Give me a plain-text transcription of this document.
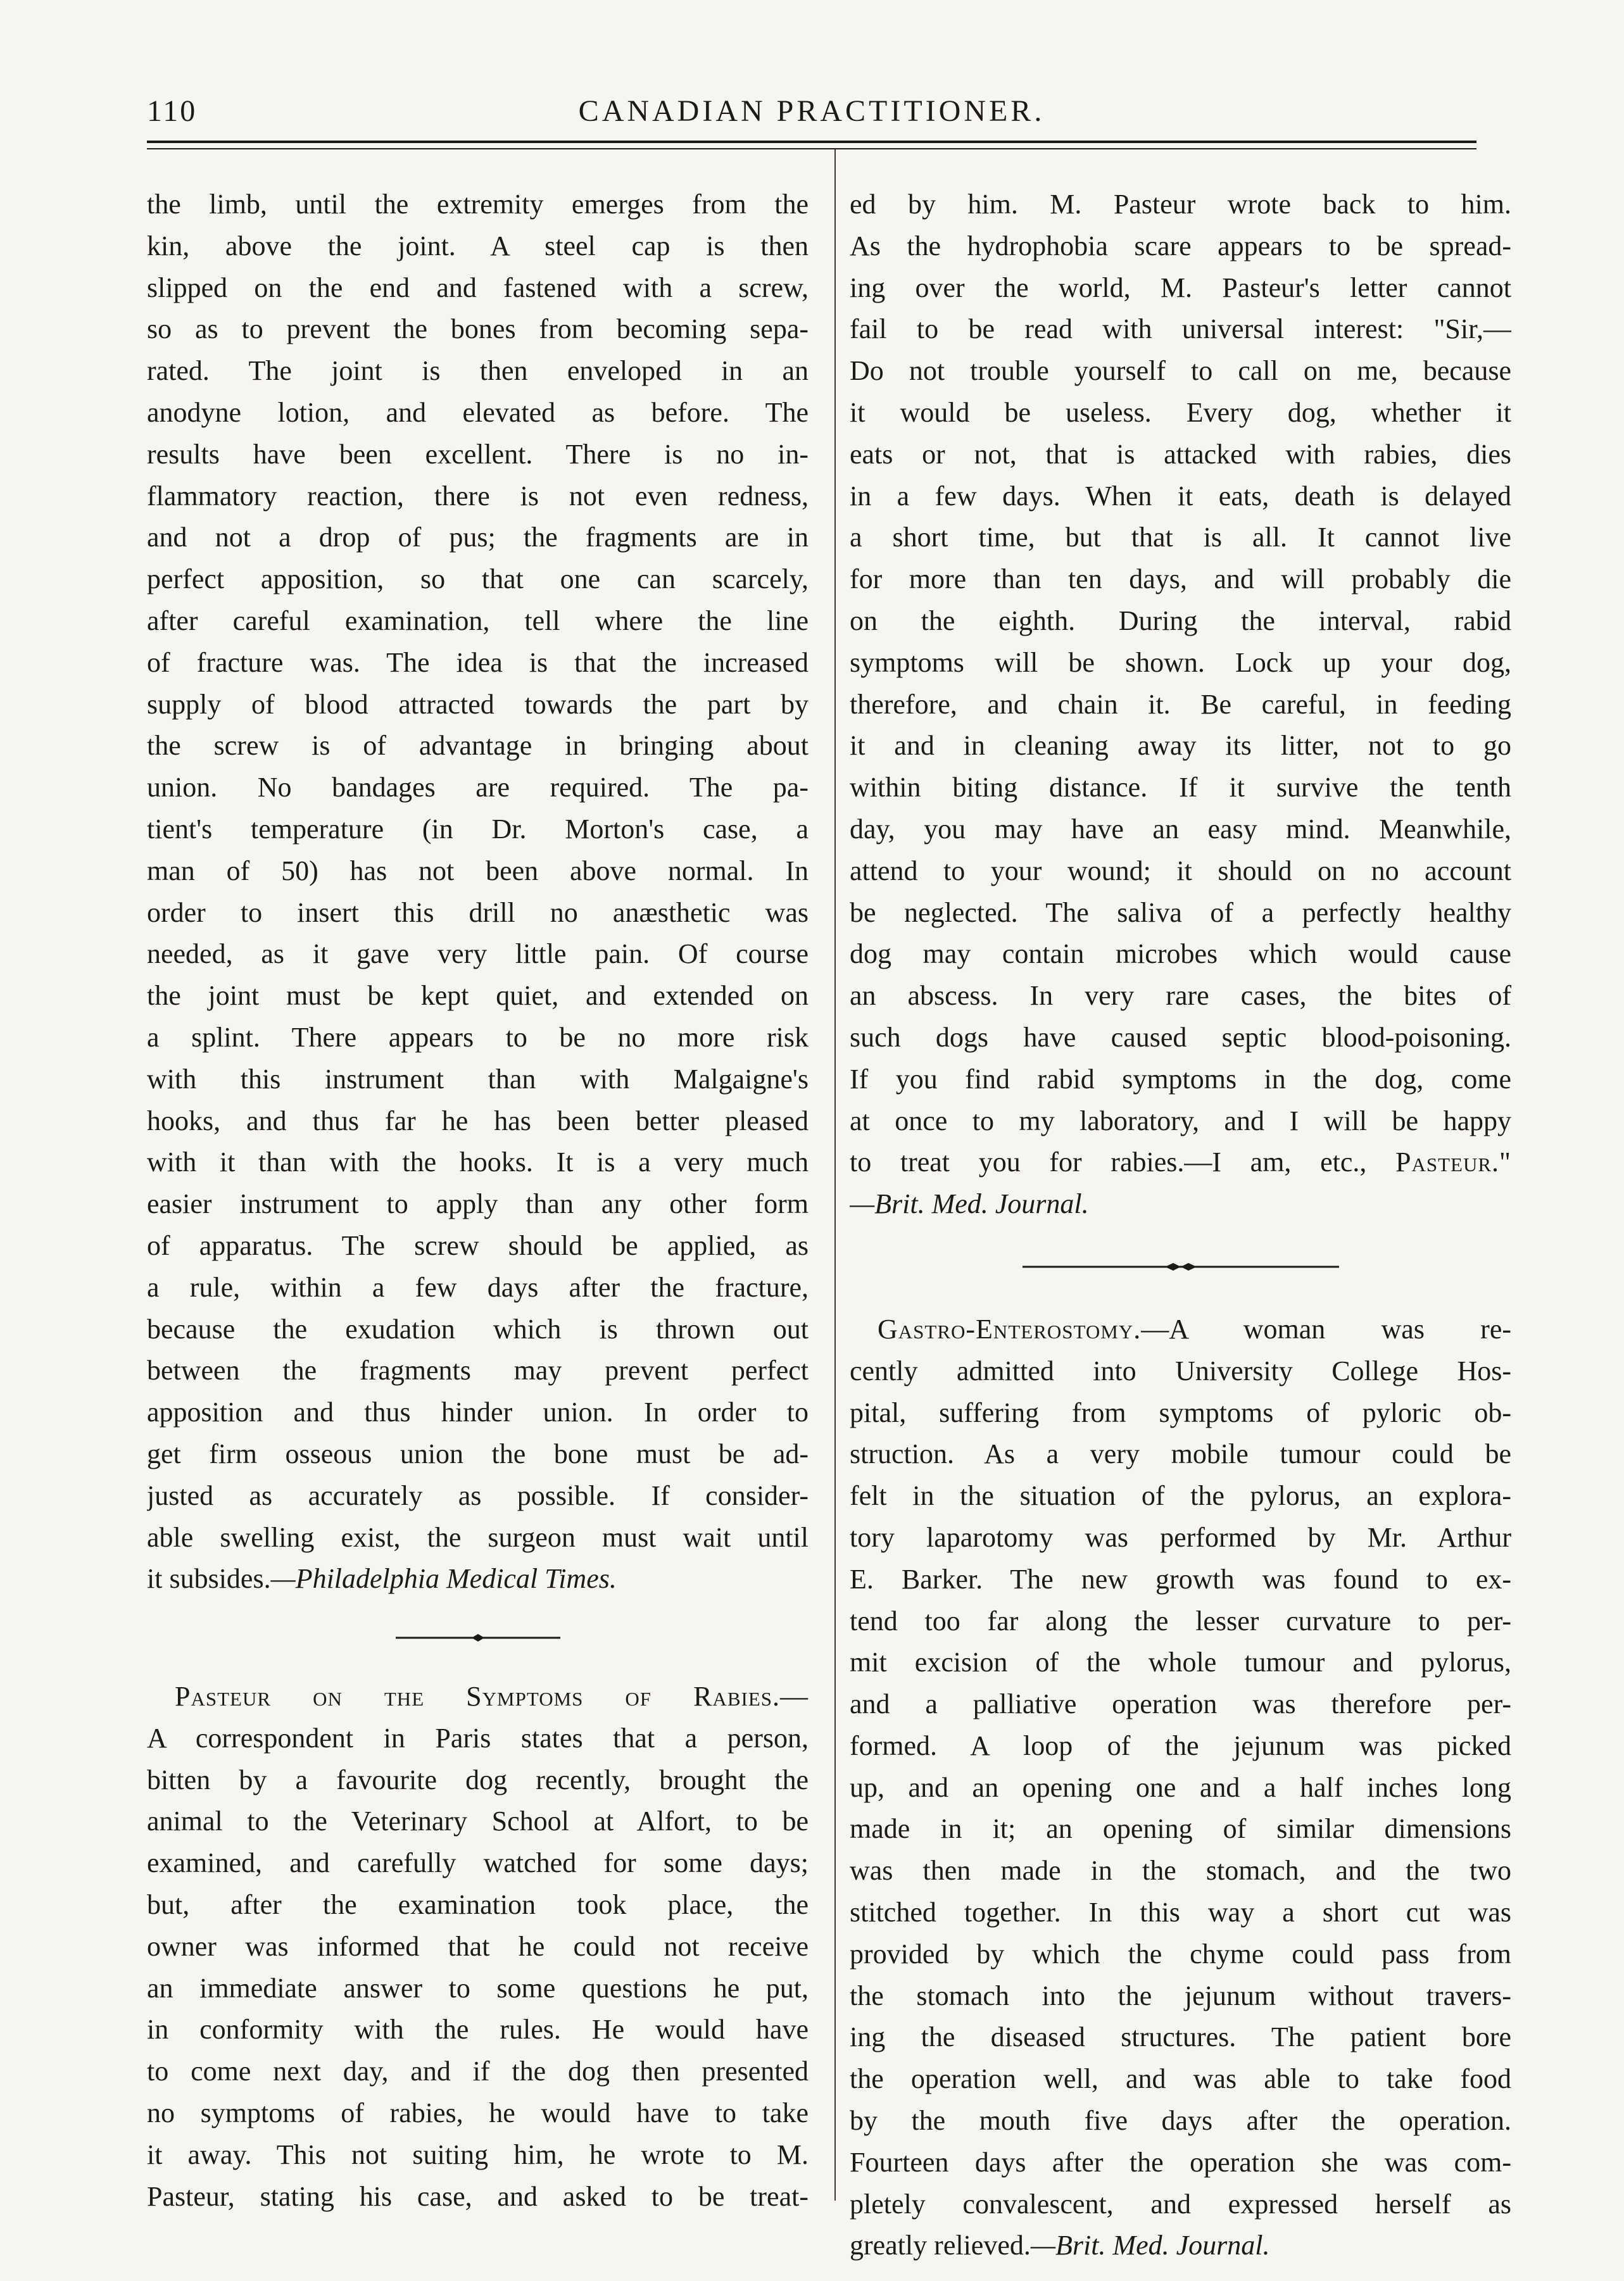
110	CANADIAN PRACTITIONER.

the limb, until the extremity emerges from the
kin, above the joint. A steel cap is then
slipped on the end and fastened with a screw,
so as to prevent the bones from becoming sepa-
rated. The joint is then enveloped in an
anodyne lotion, and elevated as before. The
results have been excellent. There is no in-
flammatory reaction, there is not even redness,
and not a drop of pus; the fragments are in
perfect apposition, so that one can scarcely,
after careful examination, tell where the line
of fracture was. The idea is that the increased
supply of blood attracted towards the part by
the screw is of advantage in bringing about
union. No bandages are required. The pa-
tient's temperature (in Dr. Morton's case, a
man of 50) has not been above normal. In
order to insert this drill no anæsthetic was
needed, as it gave very little pain. Of course
the joint must be kept quiet, and extended on
a splint. There appears to be no more risk
with this instrument than with Malgaigne's
hooks, and thus far he has been better pleased
with it than with the hooks. It is a very much
easier instrument to apply than any other form
of apparatus. The screw should be applied, as
a rule, within a few days after the fracture,
because the exudation which is thrown out
between the fragments may prevent perfect
apposition and thus hinder union. In order to
get firm osseous union the bone must be ad-
justed as accurately as possible. If consider-
able swelling exist, the surgeon must wait until
it subsides.—Philadelphia Medical Times.

 Pasteur on the Symptoms of Rabies.—
A correspondent in Paris states that a person,
bitten by a favourite dog recently, brought the
animal to the Veterinary School at Alfort, to be
examined, and carefully watched for some days;
but, after the examination took place, the
owner was informed that he could not receive
an immediate answer to some questions he put,
in conformity with the rules. He would have
to come next day, and if the dog then presented
no symptoms of rabies, he would have to take
it away. This not suiting him, he wrote to M.
Pasteur, stating his case, and asked to be treat-

ed by him. M. Pasteur wrote back to him.
As the hydrophobia scare appears to be spread-
ing over the world, M. Pasteur's letter cannot
fail to be read with universal interest: "Sir,—
Do not trouble yourself to call on me, because
it would be useless. Every dog, whether it
eats or not, that is attacked with rabies, dies
in a few days. When it eats, death is delayed
a short time, but that is all. It cannot live
for more than ten days, and will probably die
on the eighth. During the interval, rabid
symptoms will be shown. Lock up your dog,
therefore, and chain it. Be careful, in feeding
it and in cleaning away its litter, not to go
within biting distance. If it survive the tenth
day, you may have an easy mind. Meanwhile,
attend to your wound; it should on no account
be neglected. The saliva of a perfectly healthy
dog may contain microbes which would cause
an abscess. In very rare cases, the bites of
such dogs have caused septic blood-poisoning.
If you find rabid symptoms in the dog, come
at once to my laboratory, and I will be happy
to treat you for rabies.—I am, etc., Pasteur."
—Brit. Med. Journal.

 Gastro-Enterostomy.—A woman was re-
cently admitted into University College Hos-
pital, suffering from symptoms of pyloric ob-
struction. As a very mobile tumour could be
felt in the situation of the pylorus, an explora-
tory laparotomy was performed by Mr. Arthur
E. Barker. The new growth was found to ex-
tend too far along the lesser curvature to per-
mit excision of the whole tumour and pylorus,
and a palliative operation was therefore per-
formed. A loop of the jejunum was picked
up, and an opening one and a half inches long
made in it; an opening of similar dimensions
was then made in the stomach, and the two
stitched together. In this way a short cut was
provided by which the chyme could pass from
the stomach into the jejunum without travers-
ing the diseased structures. The patient bore
the operation well, and was able to take food
by the mouth five days after the operation.
Fourteen days after the operation she was com-
pletely convalescent, and expressed herself as
greatly relieved.—Brit. Med. Journal.
